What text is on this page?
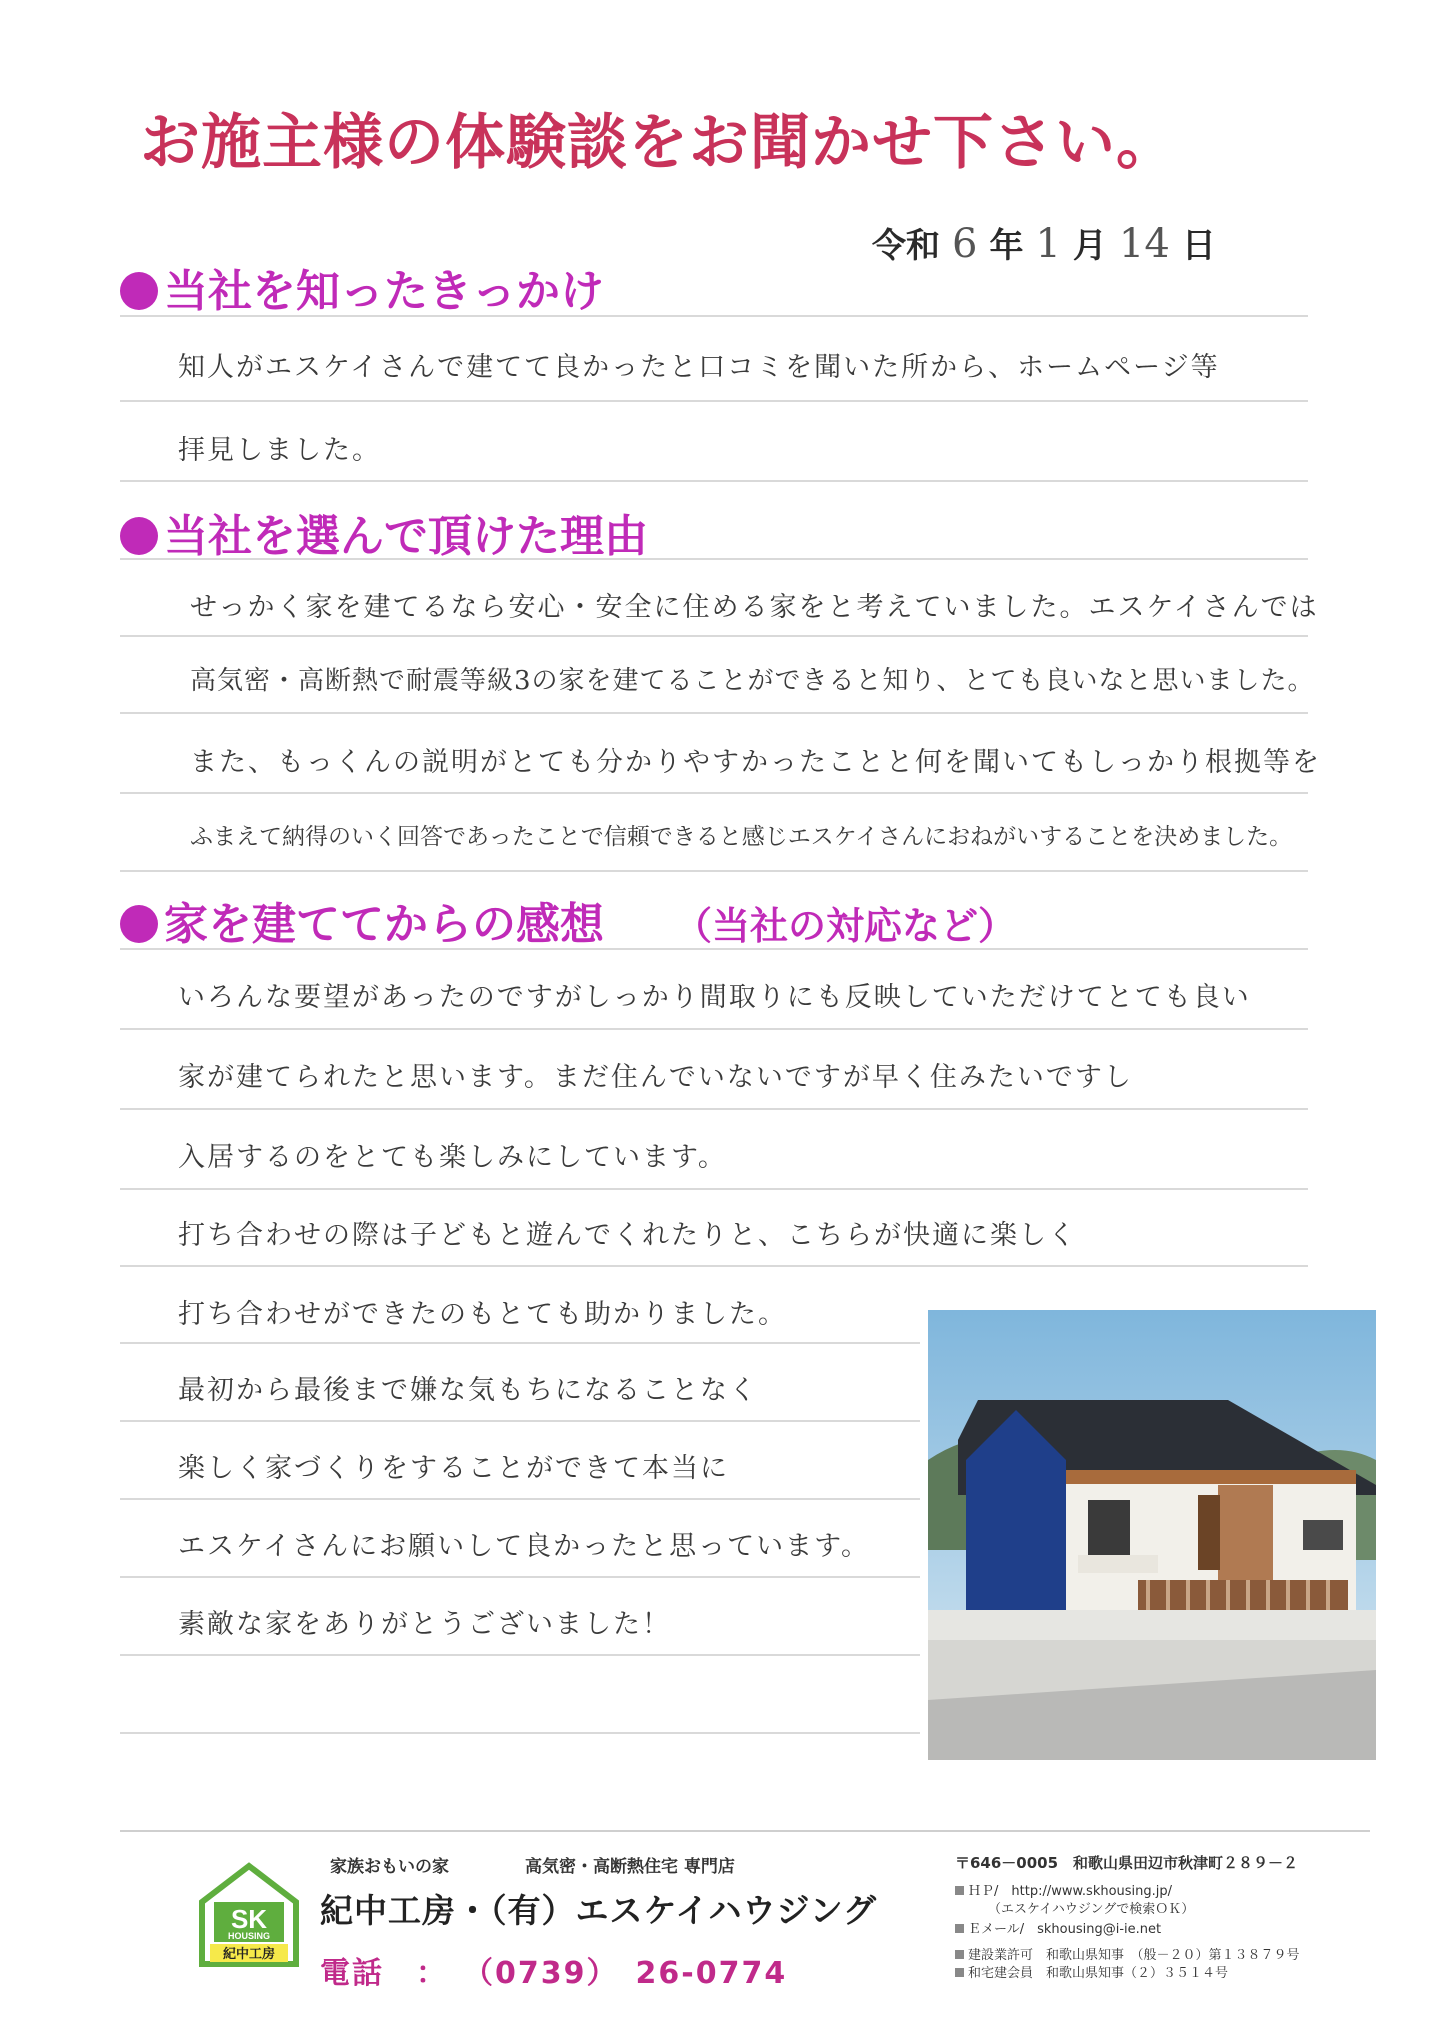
お施主様の体験談をお聞かせ下さい。
令和 6 年 1 月 14 日
当社を知ったきっかけ
知人がエスケイさんで建てて良かったと口コミを聞いた所から、ホームページ等
拝見しました。
当社を選んで頂けた理由
せっかく家を建てるなら安心・安全に住める家をと考えていました。エスケイさんでは
高気密・高断熱で耐震等級3の家を建てることができると知り、とても良いなと思いました。
また、もっくんの説明がとても分かりやすかったことと何を聞いてもしっかり根拠等を
ふまえて納得のいく回答であったことで信頼できると感じエスケイさんにおねがいすることを決めました。
家を建ててからの感想 （当社の対応など）
いろんな要望があったのですがしっかり間取りにも反映していただけてとても良い
家が建てられたと思います。まだ住んでいないですが早く住みたいですし
入居するのをとても楽しみにしています。
打ち合わせの際は子どもと遊んでくれたりと、こちらが快適に楽しく
打ち合わせができたのもとても助かりました。
最初から最後まで嫌な気もちになることなく
楽しく家づくりをすることができて本当に
エスケイさんにお願いして良かったと思っています。
素敵な家をありがとうございました！
SK
HOUSING
紀中工房
家族おもいの家	高気密・高断熱住宅 専門店
紀中工房・（有）エスケイハウジング
電話　： （0739）　26-0774
〒646－0005　和歌山県田辺市秋津町２８９－２
ＨＰ/　http://www.skhousing.jp/
（エスケイハウジングで検索ＯＫ）
Ｅメール/　skhousing@i-ie.net
建設業許可　和歌山県知事　（般－２０）第１３８７９号
和宅建会員　和歌山県知事（２）３５１４号
